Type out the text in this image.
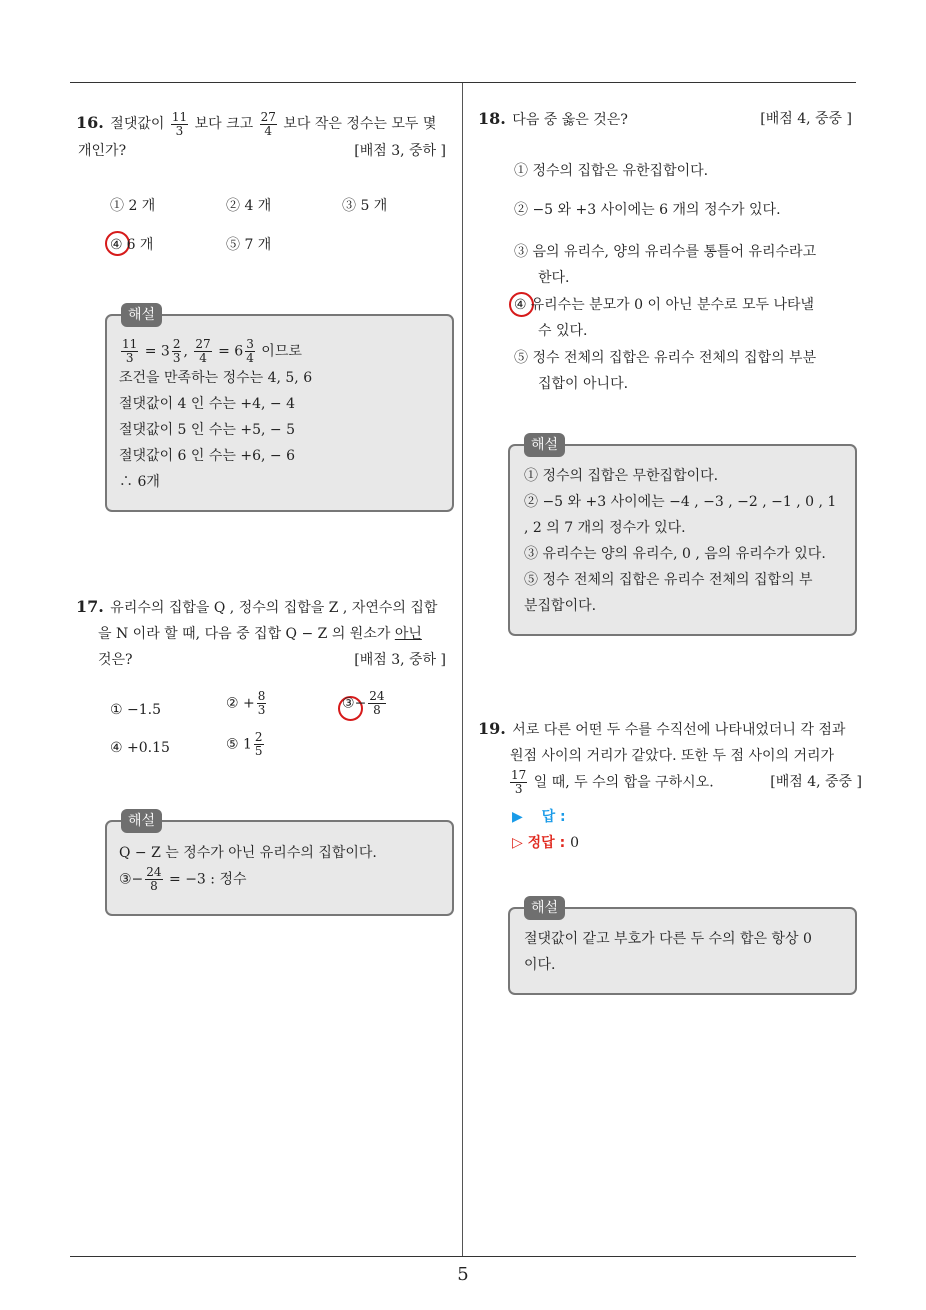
16. 절댓값이 $\frac{11}{3}$ 보다 크고 $\frac{27}{4}$ 보다 작은 정수는 모두 몇
개인가?	[배점 3, 중하 ]
① 2 개	② 4 개	③ 5 개
④ 6 개	⑤ 7 개
해설
$\frac{11}{3} = 3 \frac{2}{3}$ , $\frac{27}{4} = 6 \frac{3}{4}$ 이므로
조건을 만족하는 정수는 4, 5, 6
절댓값이 4 인 수는 +4, − 4
절댓값이 5 인 수는 +5, − 5
절댓값이 6 인 수는 +6, − 6
∴ 6개
17. 유리수의 집합을 Q , 정수의 집합을 Z , 자연수의 집합
을 N 이라 할 때, 다음 중 집합 Q − Z 의 원소가 아닌
것은?	[배점 3, 중하 ]
① −1.5	② + $\frac{8}{3}$	③− $\frac{24}{8}$
④ +0.15	⑤ $1 \frac{2}{5}$
해설
Q − Z 는 정수가 아닌 유리수의 집합이다.
③− $\frac{24}{8} = -3$ : 정수
18. 다음 중 옳은 것은?	[배점 4, 중중 ]
① 정수의 집합은 유한집합이다.
② −5 와 +3 사이에는 6 개의 정수가 있다.
③ 음의 유리수, 양의 유리수를 통틀어 유리수라고
한다.
④ 유리수는 분모가 0 이 아닌 분수로 모두 나타낼
수 있다.
⑤ 정수 전체의 집합은 유리수 전체의 집합의 부분
집합이 아니다.
해설
① 정수의 집합은 무한집합이다.
② −5 와 +3 사이에는 −4 , −3 , −2 , −1 , 0 , 1
, 2 의 7 개의 정수가 있다.
③ 유리수는 양의 유리수, 0 , 음의 유리수가 있다.
⑤ 정수 전체의 집합은 유리수 전체의 집합의 부
분집합이다.
19. 서로 다른 어떤 두 수를 수직선에 나타내었더니 각 점과
원점 사이의 거리가 같았다. 또한 두 점 사이의 거리가
$\frac{17}{3}$ 일 때, 두 수의 합을 구하시오.	[배점 4, 중중 ]
▶ 답 :
▷ 정답 : 0
해설
절댓값이 같고 부호가 다른 두 수의 합은 항상 0
이다.
5
